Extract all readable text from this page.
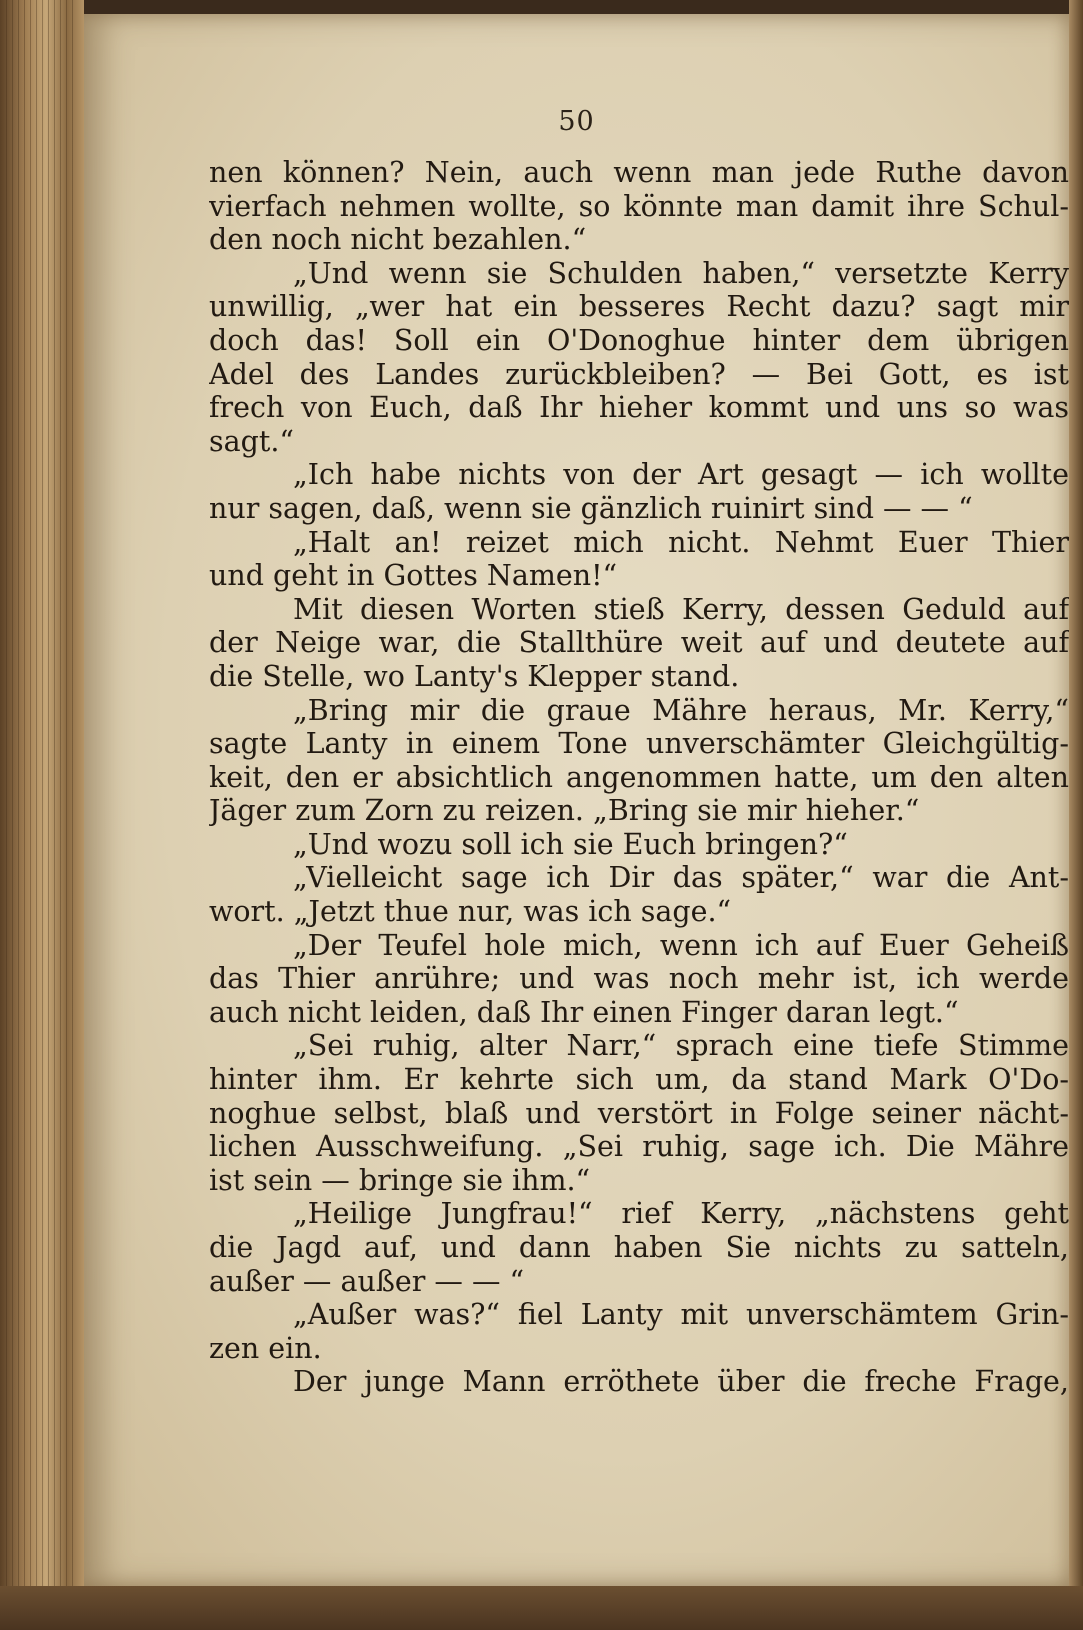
50
nen können? Nein, auch wenn man jede Ruthe davon
vierfach nehmen wollte, so könnte man damit ihre Schul-
den noch nicht bezahlen.“
„Und wenn sie Schulden haben,“ versetzte Kerry
unwillig, „wer hat ein besseres Recht dazu? sagt mir
doch das! Soll ein O'Donoghue hinter dem übrigen
Adel des Landes zurückbleiben? — Bei Gott, es ist
frech von Euch, daß Ihr hieher kommt und uns so was
sagt.“
„Ich habe nichts von der Art gesagt — ich wollte
nur sagen, daß, wenn sie gänzlich ruinirt sind — — “
„Halt an! reizet mich nicht. Nehmt Euer Thier
und geht in Gottes Namen!“
Mit diesen Worten stieß Kerry, dessen Geduld auf
der Neige war, die Stallthüre weit auf und deutete auf
die Stelle, wo Lanty's Klepper stand.
„Bring mir die graue Mähre heraus, Mr. Kerry,“
sagte Lanty in einem Tone unverschämter Gleichgültig-
keit, den er absichtlich angenommen hatte, um den alten
Jäger zum Zorn zu reizen. „Bring sie mir hieher.“
„Und wozu soll ich sie Euch bringen?“
„Vielleicht sage ich Dir das später,“ war die Ant-
wort. „Jetzt thue nur, was ich sage.“
„Der Teufel hole mich, wenn ich auf Euer Geheiß
das Thier anrühre; und was noch mehr ist, ich werde
auch nicht leiden, daß Ihr einen Finger daran legt.“
„Sei ruhig, alter Narr,“ sprach eine tiefe Stimme
hinter ihm. Er kehrte sich um, da stand Mark O'Do-
noghue selbst, blaß und verstört in Folge seiner nächt-
lichen Ausschweifung. „Sei ruhig, sage ich. Die Mähre
ist sein — bringe sie ihm.“
„Heilige Jungfrau!“ rief Kerry, „nächstens geht
die Jagd auf, und dann haben Sie nichts zu satteln,
außer — außer — — “
„Außer was?“ fiel Lanty mit unverschämtem Grin-
zen ein.
Der junge Mann erröthete über die freche Frage,
